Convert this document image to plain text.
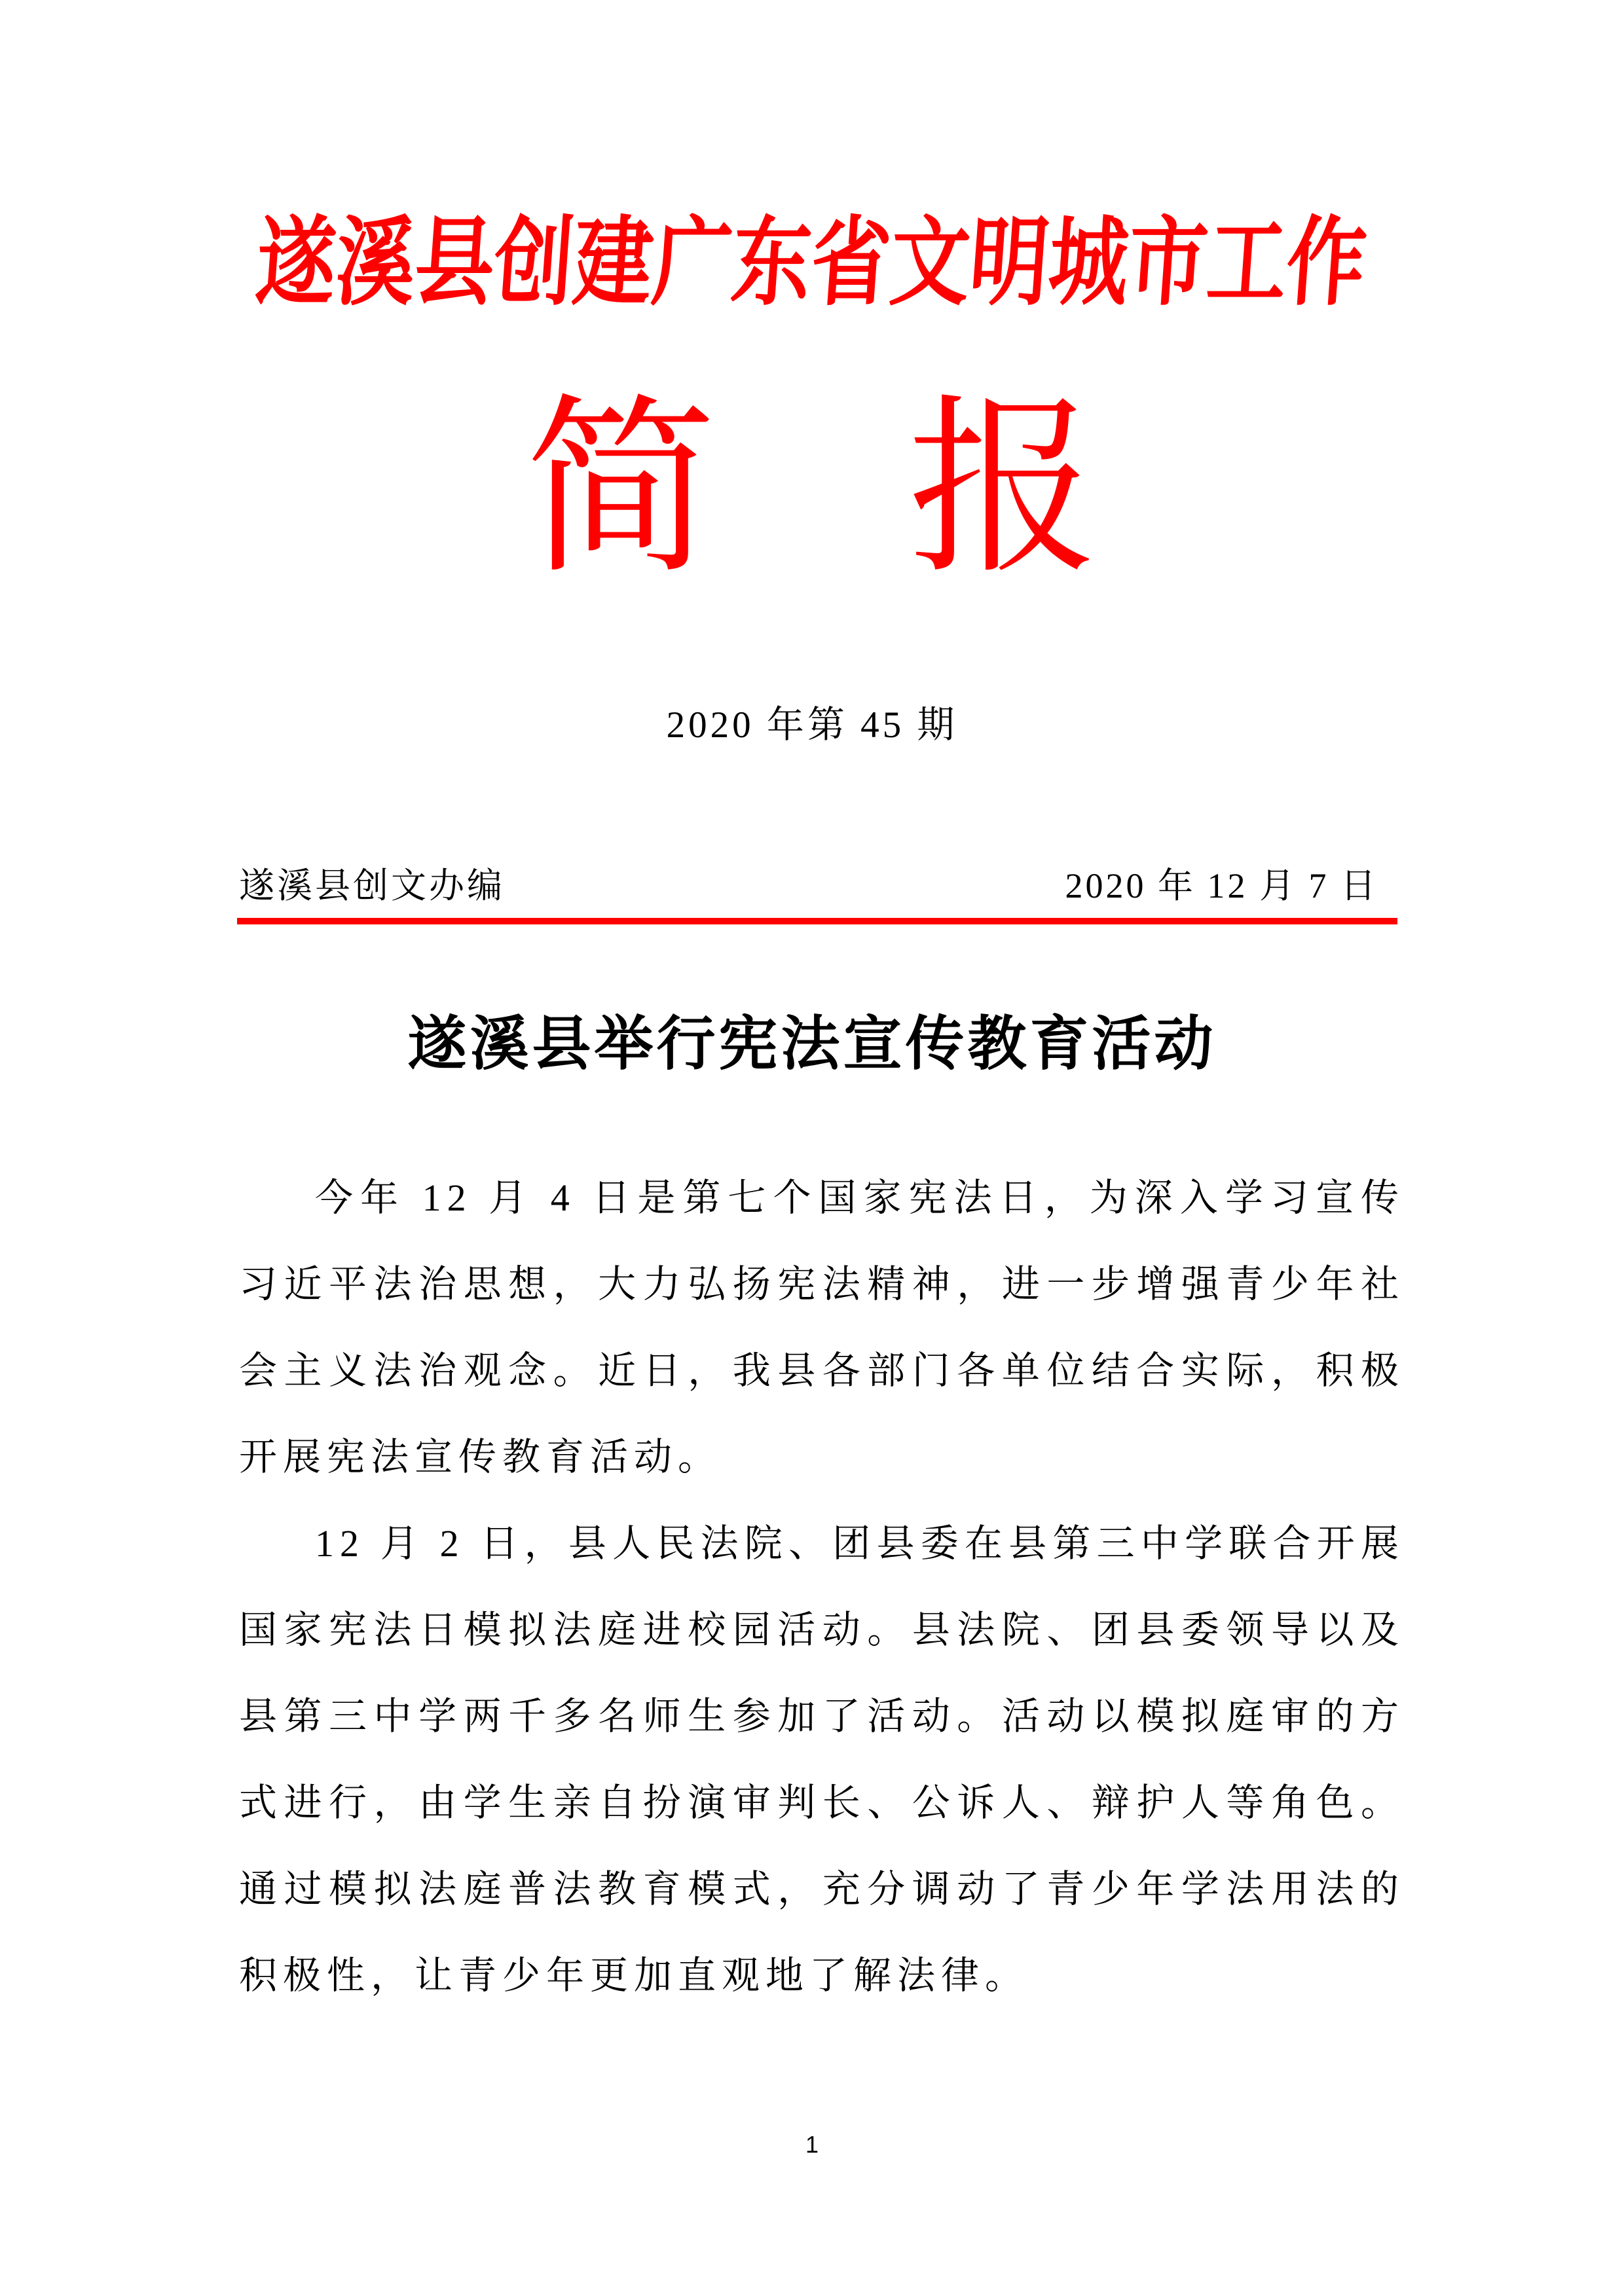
遂溪县创建广东省文明城市工作
简　报
2020 年第 45 期
遂溪县创文办编	2020 年 12 月 7 日
遂溪县举行宪法宣传教育活动

今年 12 月 4 日是第七个国家宪法日，为深入学习宣传习近平法治思想，大力弘扬宪法精神，进一步增强青少年社会主义法治观念。近日，我县各部门各单位结合实际，积极开展宪法宣传教育活动。

12 月 2 日，县人民法院、团县委在县第三中学联合开展国家宪法日模拟法庭进校园活动。县法院、团县委领导以及县第三中学两千多名师生参加了活动。活动以模拟庭审的方式进行，由学生亲自扮演审判长、公诉人、辩护人等角色。通过模拟法庭普法教育模式，充分调动了青少年学法用法的积极性，让青少年更加直观地了解法律。

1
